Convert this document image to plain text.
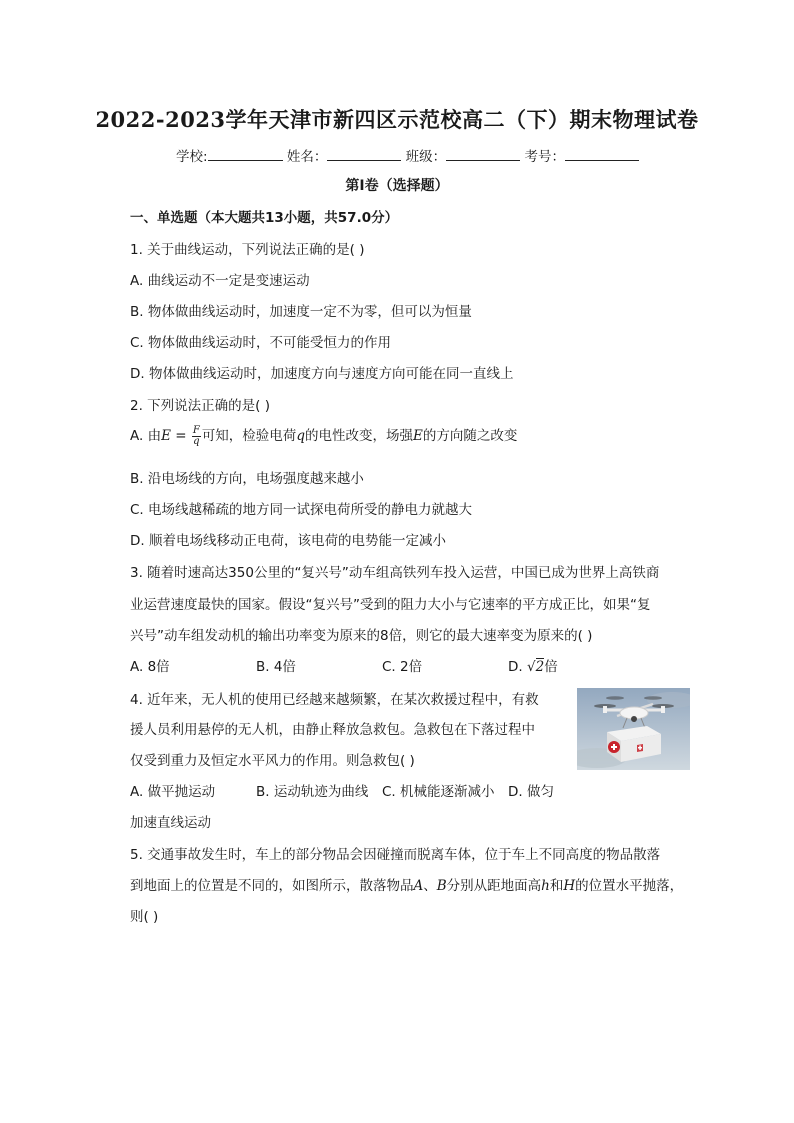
2022-2023学年天津市新四区示范校高二（下）期末物理试卷
学校:	姓名：	班级：	考号：
第Ⅰ卷（选择题）
一、单选题（本大题共13小题，共57.0分）
1. 关于曲线运动，下列说法正确的是( )
A. 曲线运动不一定是变速运动
B. 物体做曲线运动时，加速度一定不为零，但可以为恒量
C. 物体做曲线运动时，不可能受恒力的作用
D. 物体做曲线运动时，加速度方向与速度方向可能在同一直线上
2. 下列说法正确的是( )
A. 由$E = \frac{F}{q}$ 可知，检验电荷q的电性改变，场强E的方向随之改变
B. 沿电场线的方向，电场强度越来越小
C. 电场线越稀疏的地方同一试探电荷所受的静电力就越大
D. 顺着电场线移动正电荷，该电荷的电势能一定减小
3. 随着时速高达350公里的“复兴号”动车组高铁列车投入运营，中国已成为世界上高铁商
业运营速度最快的国家。假设“复兴号”受到的阻力大小与它速率的平方成正比，如果“复
兴号”动车组发动机的输出功率变为原来的8倍，则它的最大速率变为原来的( )
A. 8倍	B. 4倍	C. 2倍	D. √2倍
4. 近年来，无人机的使用已经越来越频繁，在某次救援过程中，有救
援人员利用悬停的无人机，由静止释放急救包。急救包在下落过程中
仅受到重力及恒定水平风力的作用。则急救包( )
A. 做平抛运动	B. 运动轨迹为曲线 C. 机械能逐渐减小 D. 做匀
加速直线运动
5. 交通事故发生时，车上的部分物品会因碰撞而脱离车体，位于车上不同高度的物品散落
到地面上的位置是不同的，如图所示，散落物品A、B分别从距地面高h和H的位置水平抛落，
则( )
